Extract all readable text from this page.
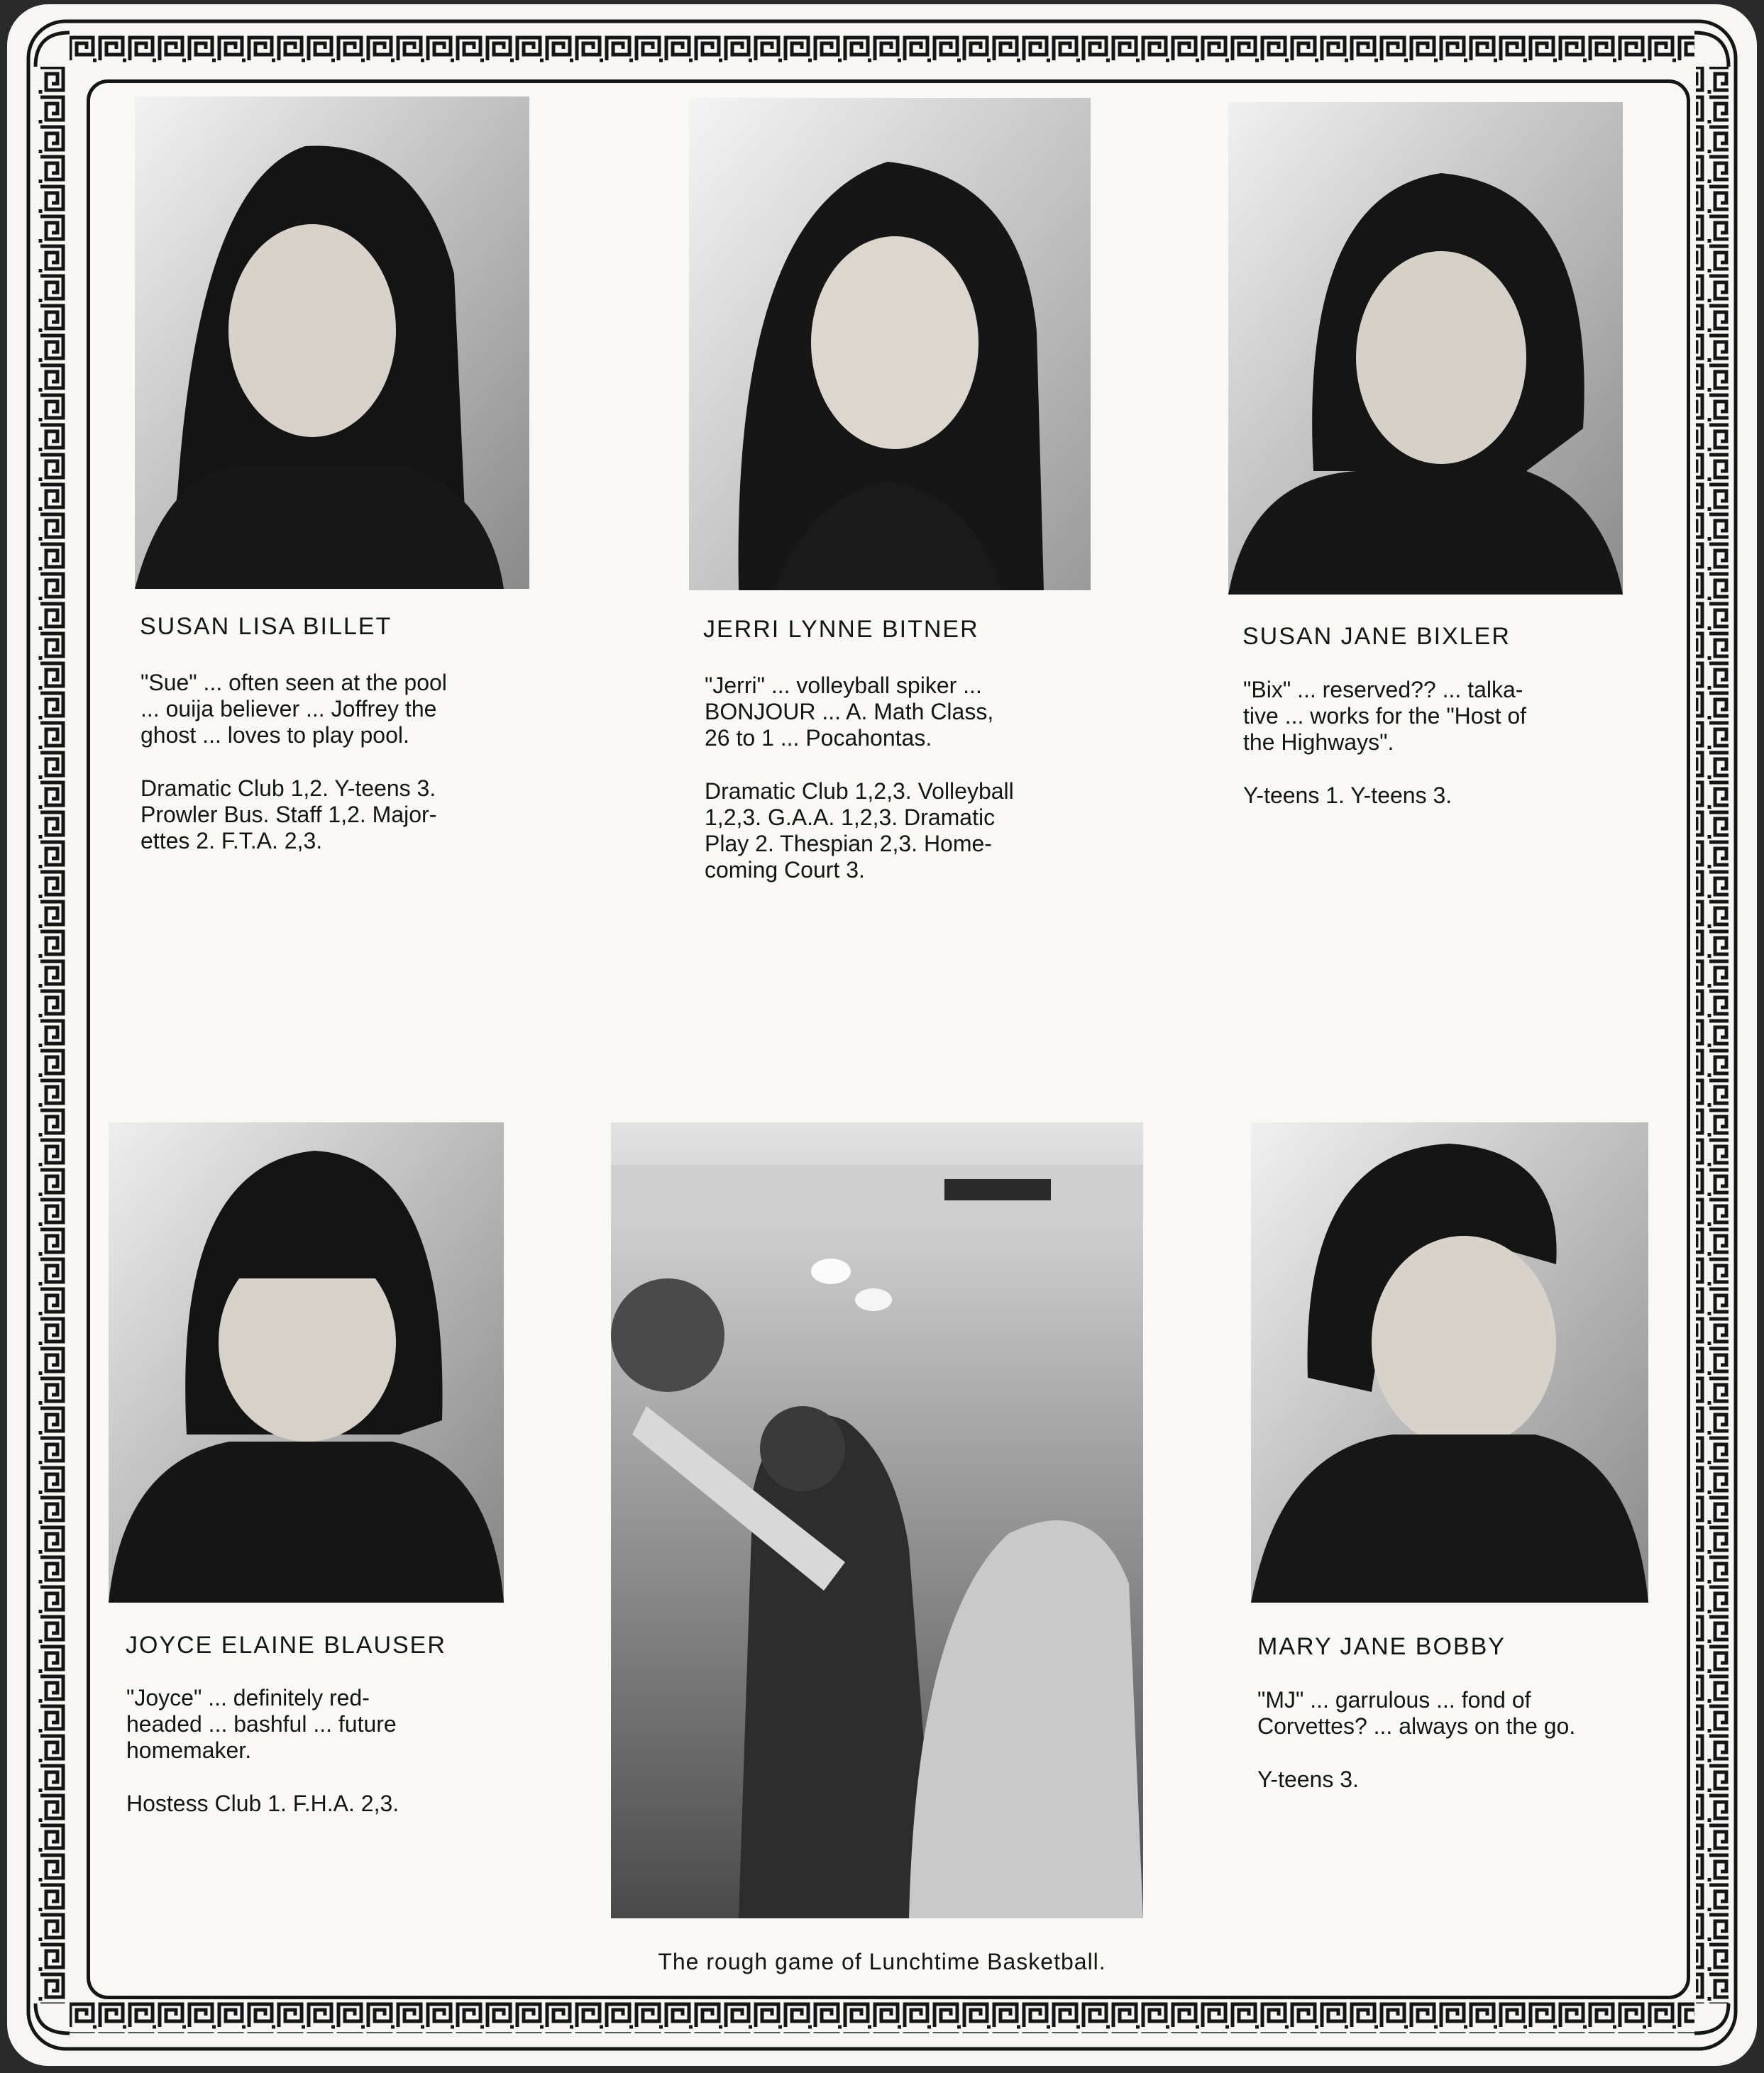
SUSAN LISA BILLET

"Sue" ... often seen at the pool
... ouija believer ... Joffrey the
ghost ... loves to play pool.

Dramatic Club 1,2. Y-teens 3.
Prowler Bus. Staff 1,2. Major-
ettes 2. F.T.A. 2,3.

JERRI LYNNE BITNER

"Jerri" ... volleyball spiker ...
BONJOUR ... A. Math Class,
26 to 1 ... Pocahontas.

Dramatic Club 1,2,3. Volleyball
1,2,3. G.A.A. 1,2,3. Dramatic
Play 2. Thespian 2,3. Home-
coming Court 3.

SUSAN JANE BIXLER

"Bix" ... reserved?? ... talka-
tive ... works for the "Host of
the Highways".

Y-teens 1. Y-teens 3.

JOYCE ELAINE BLAUSER

"Joyce" ... definitely red-
headed ... bashful ... future
homemaker.

Hostess Club 1. F.H.A. 2,3.

The rough game of Lunchtime Basketball.
MARY JANE BOBBY

"MJ" ... garrulous ... fond of
Corvettes? ... always on the go.

Y-teens 3.
